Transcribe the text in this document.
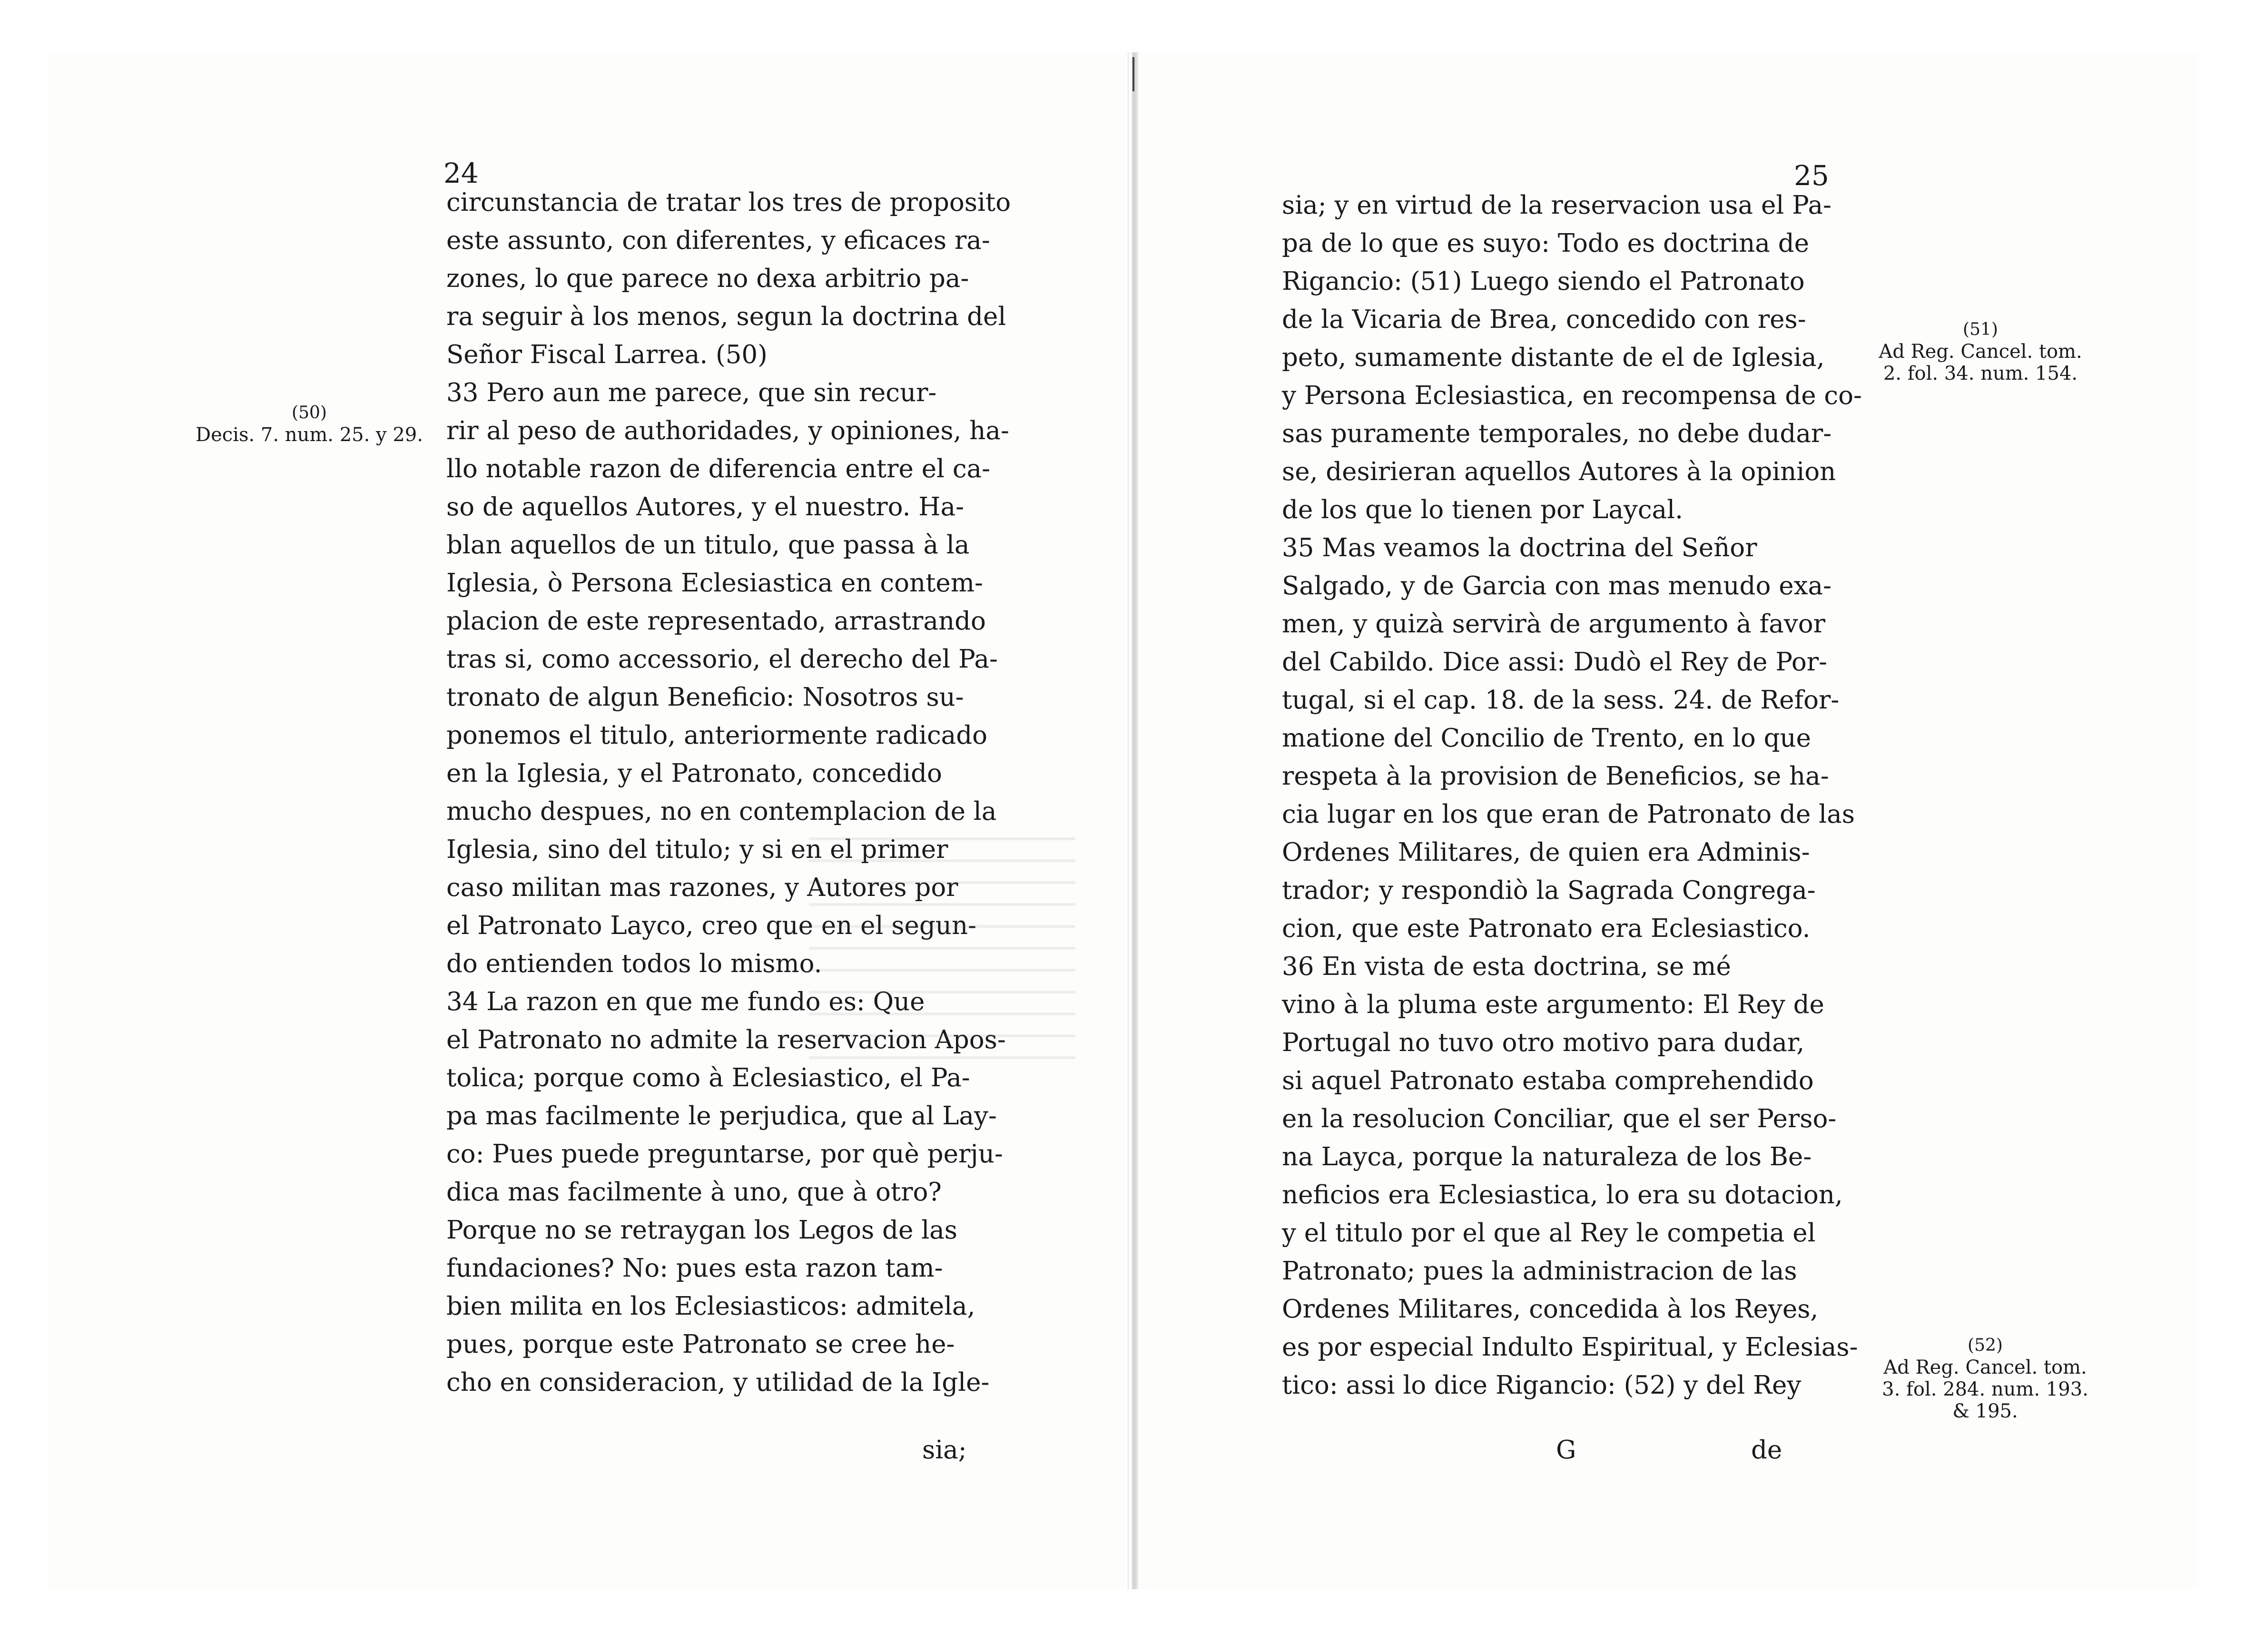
24
circunstancia de tratar los tres de proposito
este assunto, con diferentes, y eficaces ra-
zones, lo que parece no dexa arbitrio pa-
ra seguir à los menos, segun la doctrina del
Señor Fiscal Larrea. (50)
33 Pero aun me parece, que sin recur-
rir al peso de authoridades, y opiniones, ha-
llo notable razon de diferencia entre el ca-
so de aquellos Autores, y el nuestro. Ha-
blan aquellos de un titulo, que passa à la
Iglesia, ò Persona Eclesiastica en contem-
placion de este representado, arrastrando
tras si, como accessorio, el derecho del Pa-
tronato de algun Beneficio: Nosotros su-
ponemos el titulo, anteriormente radicado
en la Iglesia, y el Patronato, concedido
mucho despues, no en contemplacion de la
Iglesia, sino del titulo; y si en el primer
caso militan mas razones, y Autores por
el Patronato Layco, creo que en el segun-
do entienden todos lo mismo.
34 La razon en que me fundo es: Que
el Patronato no admite la reservacion Apos-
tolica; porque como à Eclesiastico, el Pa-
pa mas facilmente le perjudica, que al Lay-
co: Pues puede preguntarse, por què perju-
dica mas facilmente à uno, que à otro?
Porque no se retraygan los Legos de las
fundaciones? No: pues esta razon tam-
bien milita en los Eclesiasticos: admitela,
pues, porque este Patronato se cree he-
cho en consideracion, y utilidad de la Igle-
sia;
(50)
Decis. 7. num. 25. y 29.
25
sia; y en virtud de la reservacion usa el Pa-
pa de lo que es suyo: Todo es doctrina de
Rigancio: (51) Luego siendo el Patronato
de la Vicaria de Brea, concedido con res-
peto, sumamente distante de el de Iglesia,
y Persona Eclesiastica, en recompensa de co-
sas puramente temporales, no debe dudar-
se, desirieran aquellos Autores à la opinion
de los que lo tienen por Laycal.
35 Mas veamos la doctrina del Señor
Salgado, y de Garcia con mas menudo exa-
men, y quizà servirà de argumento à favor
del Cabildo. Dice assi: Dudò el Rey de Por-
tugal, si el cap. 18. de la sess. 24. de Refor-
matione del Concilio de Trento, en lo que
respeta à la provision de Beneficios, se ha-
cia lugar en los que eran de Patronato de las
Ordenes Militares, de quien era Adminis-
trador; y respondiò la Sagrada Congrega-
cion, que este Patronato era Eclesiastico.
36 En vista de esta doctrina, se mé
vino à la pluma este argumento: El Rey de
Portugal no tuvo otro motivo para dudar,
si aquel Patronato estaba comprehendido
en la resolucion Conciliar, que el ser Perso-
na Layca, porque la naturaleza de los Be-
neficios era Eclesiastica, lo era su dotacion,
y el titulo por el que al Rey le competia el
Patronato; pues la administracion de las
Ordenes Militares, concedida à los Reyes,
es por especial Indulto Espiritual, y Eclesias-
tico: assi lo dice Rigancio: (52) y del Rey
G	de
(51)
Ad Reg. Cancel. tom.
2. fol. 34. num. 154.
(52)
Ad Reg. Cancel. tom.
3. fol. 284. num. 193.
& 195.
